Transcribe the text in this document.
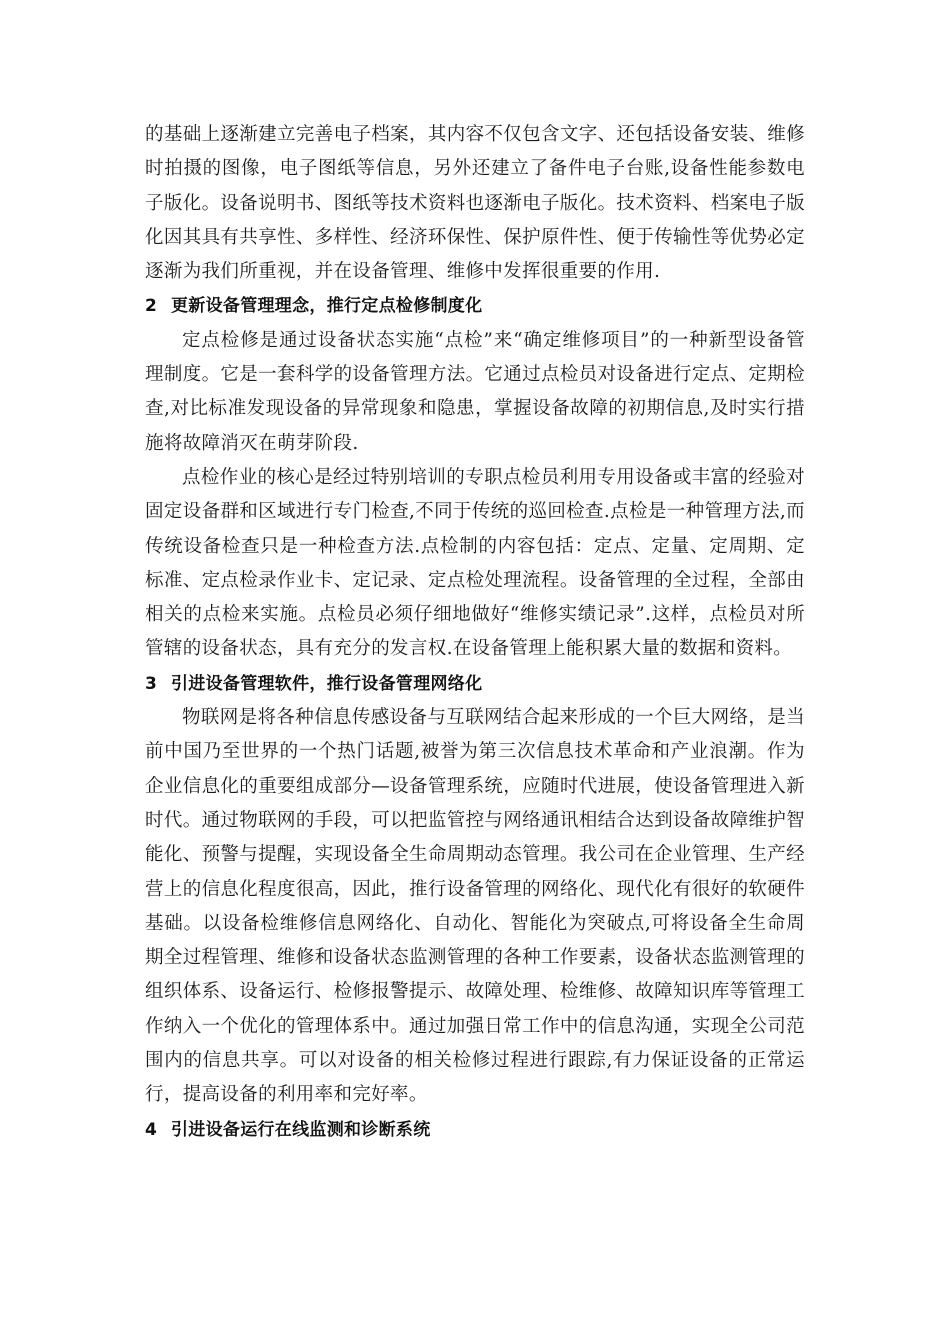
的基础上逐渐建立完善电子档案，其内容不仅包含文字、还包括设备安装、维修时拍摄的图像，电子图纸等信息，另外还建立了备件电子台账,设备性能参数电子版化。设备说明书、图纸等技术资料也逐渐电子版化。技术资料、档案电子版化因其具有共享性、多样性、经济环保性、保护原件性、便于传输性等优势必定逐渐为我们所重视，并在设备管理、维修中发挥很重要的作用.

2 更新设备管理理念，推行定点检修制度化

定点检修是通过设备状态实施“点检”来“确定维修项目”的一种新型设备管理制度。它是一套科学的设备管理方法。它通过点检员对设备进行定点、定期检查,对比标准发现设备的异常现象和隐患，掌握设备故障的初期信息,及时实行措施将故障消灭在萌芽阶段.

点检作业的核心是经过特别培训的专职点检员利用专用设备或丰富的经验对固定设备群和区域进行专门检查,不同于传统的巡回检查.点检是一种管理方法,而传统设备检查只是一种检查方法.点检制的内容包括：定点、定量、定周期、定标准、定点检录作业卡、定记录、定点检处理流程。设备管理的全过程，全部由相关的点检来实施。点检员必须仔细地做好“维修实绩记录”.这样，点检员对所管辖的设备状态，具有充分的发言权.在设备管理上能积累大量的数据和资料。

3 引进设备管理软件，推行设备管理网络化

物联网是将各种信息传感设备与互联网结合起来形成的一个巨大网络，是当前中国乃至世界的一个热门话题,被誉为第三次信息技术革命和产业浪潮。作为企业信息化的重要组成部分—设备管理系统，应随时代进展，使设备管理进入新时代。通过物联网的手段，可以把监管控与网络通讯相结合达到设备故障维护智能化、预警与提醒，实现设备全生命周期动态管理。我公司在企业管理、生产经营上的信息化程度很高，因此，推行设备管理的网络化、现代化有很好的软硬件基础。以设备检维修信息网络化、自动化、智能化为突破点,可将设备全生命周期全过程管理、维修和设备状态监测管理的各种工作要素，设备状态监测管理的组织体系、设备运行、检修报警提示、故障处理、检维修、故障知识库等管理工作纳入一个优化的管理体系中。通过加强日常工作中的信息沟通，实现全公司范围内的信息共享。可以对设备的相关检修过程进行跟踪,有力保证设备的正常运行，提高设备的利用率和完好率。

4 引进设备运行在线监测和诊断系统
